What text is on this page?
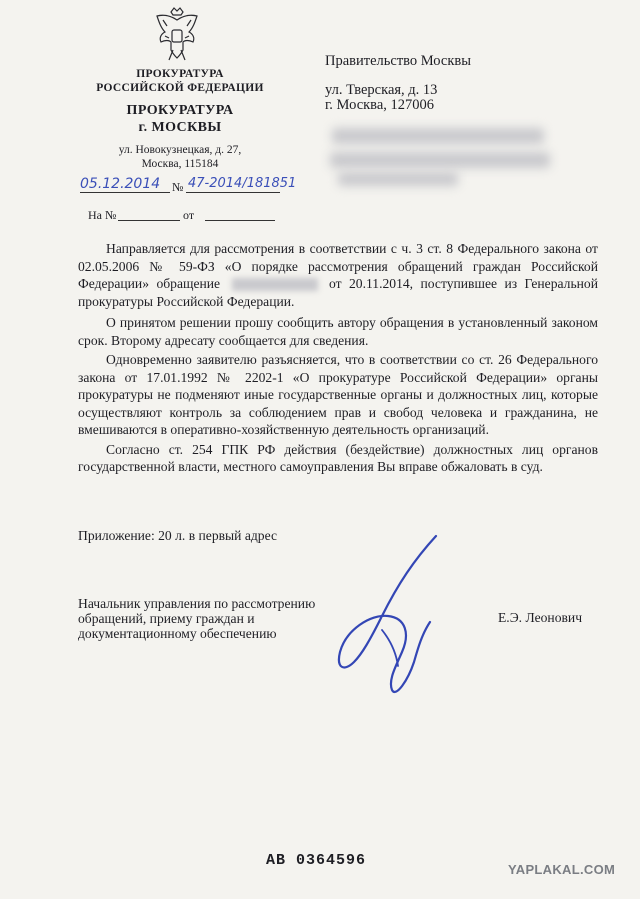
ПРОКУРАТУРА
РОССИЙСКОЙ ФЕДЕРАЦИИ
ПРОКУРАТУРА
г. МОСКВЫ
ул. Новокузнецкая, д. 27,
Москва, 115184
05.12.2014 № 47-2014/181851
На №	от
Правительство Москвы
ул. Тверская, д. 13
г. Москва, 127006

Направляется для рассмотрения в соответствии с ч. 3 ст. 8 Федерального закона от 02.05.2006 № 59-ФЗ «О порядке рассмотрения обращений граждан Российской Федерации» обращение	от 20.11.2014, поступившее из Генеральной прокуратуры Российской Федерации.

О принятом решении прошу сообщить автору обращения в установленный законом срок. Второму адресату сообщается для сведения.

Одновременно заявителю разъясняется, что в соответствии со ст. 26 Федерального закона от 17.01.1992 № 2202-1 «О прокуратуре Российской Федерации» органы прокуратуры не подменяют иные государственные органы и должностных лиц, которые осуществляют контроль за соблюдением прав и свобод человека и гражданина, не вмешиваются в оперативно-хозяйственную деятельность организаций.

Согласно ст. 254 ГПК РФ действия (бездействие) должностных лиц органов государственной власти, местного самоуправления Вы вправе обжаловать в суд.

Приложение: 20 л. в первый адрес
Начальник управления по рассмотрению
обращений, приему граждан и
документационному обеспечению
Е.Э. Леонович
АВ 0364596
YAPLAKAL.COM
